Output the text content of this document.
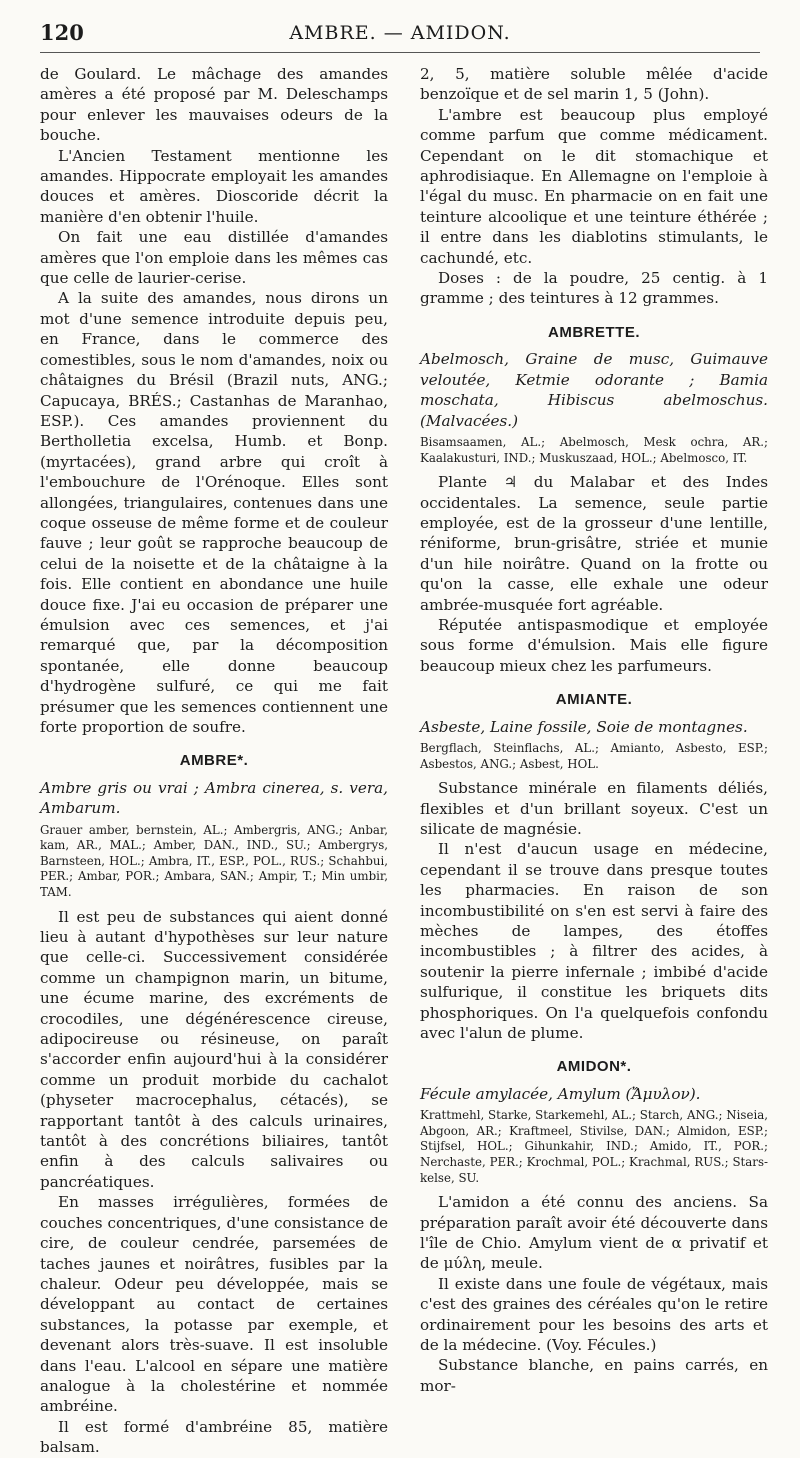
120	AMBRE. — AMIDON.

de Goulard. Le mâchage des amandes amères a été proposé par M. Deleschamps pour enlever les mauvaises odeurs de la bouche.

L'Ancien Testament mentionne les amandes. Hippocrate employait les amandes douces et amères. Dioscoride décrit la manière d'en obtenir l'huile.

On fait une eau distillée d'amandes amères que l'on emploie dans les mêmes cas que celle de laurier-cerise.

A la suite des amandes, nous dirons un mot d'une semence introduite depuis peu, en France, dans le commerce des comestibles, sous le nom d'amandes, noix ou châtaignes du Brésil (Brazil nuts, ANG.; Capucaya, BRÉS.; Castanhas de Maranhao, ESP.). Ces amandes proviennent du Bertholletia excelsa, Humb. et Bonp. (myrtacées), grand arbre qui croît à l'embouchure de l'Orénoque. Elles sont allongées, triangulaires, contenues dans une coque osseuse de même forme et de couleur fauve ; leur goût se rapproche beaucoup de celui de la noisette et de la châtaigne à la fois. Elle contient en abondance une huile douce fixe. J'ai eu occasion de préparer une émulsion avec ces semences, et j'ai remarqué que, par la décomposition spontanée, elle donne beaucoup d'hydrogène sulfuré, ce qui me fait présumer que les semences contiennent une forte proportion de soufre.

AMBRE*.

Ambre gris ou vrai ; Ambra cinerea, s. vera, Ambarum.

Grauer amber, bernstein, AL.; Ambergris, ANG.; Anbar, kam, AR., MAL.; Amber, DAN., IND., SU.; Ambergrys, Barnsteen, HOL.; Ambra, IT., ESP., POL., RUS.; Schahbui, PER.; Ambar, POR.; Ambara, SAN.; Ampir, T.; Min umbir, TAM.

Il est peu de substances qui aient donné lieu à autant d'hypothèses sur leur nature que celle-ci. Successivement considérée comme un champignon marin, un bitume, une écume marine, des excréments de crocodiles, une dégénérescence cireuse, adipocireuse ou résineuse, on paraît s'accorder enfin aujourd'hui à la considérer comme un produit morbide du cachalot (physeter macrocephalus, cétacés), se rapportant tantôt à des calculs urinaires, tantôt à des concrétions biliaires, tantôt enfin à des calculs salivaires ou pancréatiques.

En masses irrégulières, formées de couches concentriques, d'une consistance de cire, de couleur cendrée, parsemées de taches jaunes et noirâtres, fusibles par la chaleur. Odeur peu développée, mais se développant au contact de certaines substances, la potasse par exemple, et devenant alors très-suave. Il est insoluble dans l'eau. L'alcool en sépare une matière analogue à la cholestérine et nommée ambréine.

Il est formé d'ambréine 85, matière balsam.

2, 5, matière soluble mêlée d'acide benzoïque et de sel marin 1, 5 (John).

L'ambre est beaucoup plus employé comme parfum que comme médicament. Cependant on le dit stomachique et aphrodisiaque. En Allemagne on l'emploie à l'égal du musc. En pharmacie on en fait une teinture alcoolique et une teinture éthérée ; il entre dans les diablotins stimulants, le cachundé, etc.

Doses : de la poudre, 25 centig. à 1 gramme ; des teintures à 12 grammes.

AMBRETTE.

Abelmosch, Graine de musc, Guimauve veloutée, Ketmie odorante ; Bamia moschata, Hibiscus abelmoschus. (Malvacées.)

Bisamsaamen, AL.; Abelmosch, Mesk ochra, AR.; Kaalakusturi, IND.; Muskuszaad, HOL.; Abelmosco, IT.

Plante ♃ du Malabar et des Indes occidentales. La semence, seule partie employée, est de la grosseur d'une lentille, réniforme, brun-grisâtre, striée et munie d'un hile noirâtre. Quand on la frotte ou qu'on la casse, elle exhale une odeur ambrée-musquée fort agréable.

Réputée antispasmodique et employée sous forme d'émulsion. Mais elle figure beaucoup mieux chez les parfumeurs.

AMIANTE.

Asbeste, Laine fossile, Soie de montagnes.

Bergflach, Steinflachs, AL.; Amianto, Asbesto, ESP.; Asbestos, ANG.; Asbest, HOL.

Substance minérale en filaments déliés, flexibles et d'un brillant soyeux. C'est un silicate de magnésie.

Il n'est d'aucun usage en médecine, cependant il se trouve dans presque toutes les pharmacies. En raison de son incombustibilité on s'en est servi à faire des mèches de lampes, des étoffes incombustibles ; à filtrer des acides, à soutenir la pierre infernale ; imbibé d'acide sulfurique, il constitue les briquets dits phosphoriques. On l'a quelquefois confondu avec l'alun de plume.

AMIDON*.

Fécule amylacée, Amylum (Ἄμυλον).

Krattmehl, Starke, Starkemehl, AL.; Starch, ANG.; Niseia, Abgoon, AR.; Kraftmeel, Stivilse, DAN.; Almidon, ESP.; Stijfsel, HOL.; Gihunkahir, IND.; Amido, IT., POR.; Nerchaste, PER.; Krochmal, POL.; Krachmal, RUS.; Stars-kelse, SU.

L'amidon a été connu des anciens. Sa préparation paraît avoir été découverte dans l'île de Chio. Amylum vient de α privatif et de μύλη, meule.

Il existe dans une foule de végétaux, mais c'est des graines des céréales qu'on le retire ordinairement pour les besoins des arts et de la médecine. (Voy. Fécules.)

Substance blanche, en pains carrés, en mor-
